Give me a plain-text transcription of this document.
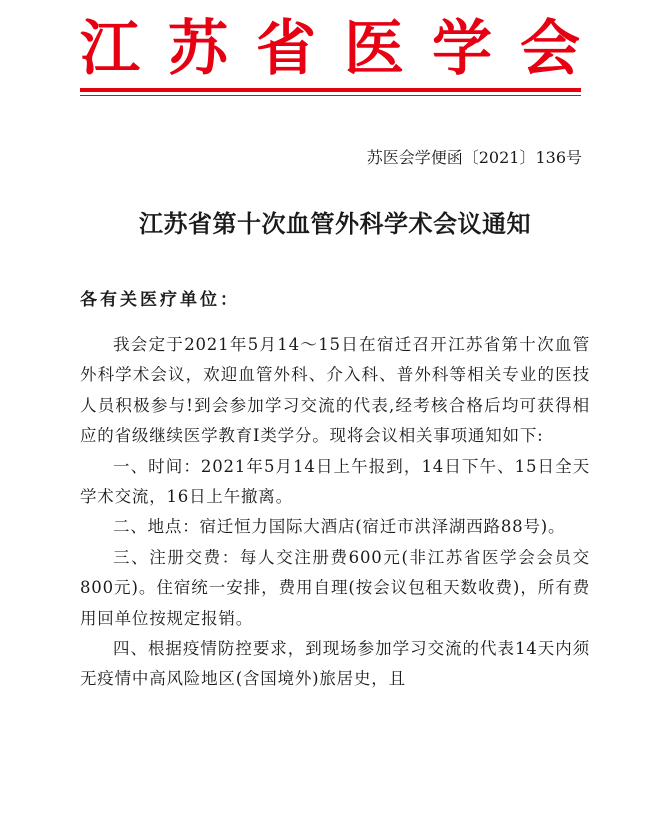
江 苏 省 医 学 会
苏医会学便函〔2021〕136号
江苏省第十次血管外科学术会议通知
各有关医疗单位：

我会定于2021年5月14～15日在宿迁召开江苏省第十次血管外科学术会议，欢迎血管外科、介入科、普外科等相关专业的医技人员积极参与!到会参加学习交流的代表,经考核合格后均可获得相应的省级继续医学教育I类学分。现将会议相关事项通知如下:

一、时间：2021年5月14日上午报到，14日下午、15日全天学术交流，16日上午撤离。

二、地点：宿迁恒力国际大酒店(宿迁市洪泽湖西路88号)。

三、注册交费：每人交注册费600元(非江苏省医学会会员交800元)。住宿统一安排，费用自理(按会议包租天数收费)，所有费用回单位按规定报销。

四、根据疫情防控要求，到现场参加学习交流的代表14天内须无疫情中高风险地区(含国境外)旅居史，且
